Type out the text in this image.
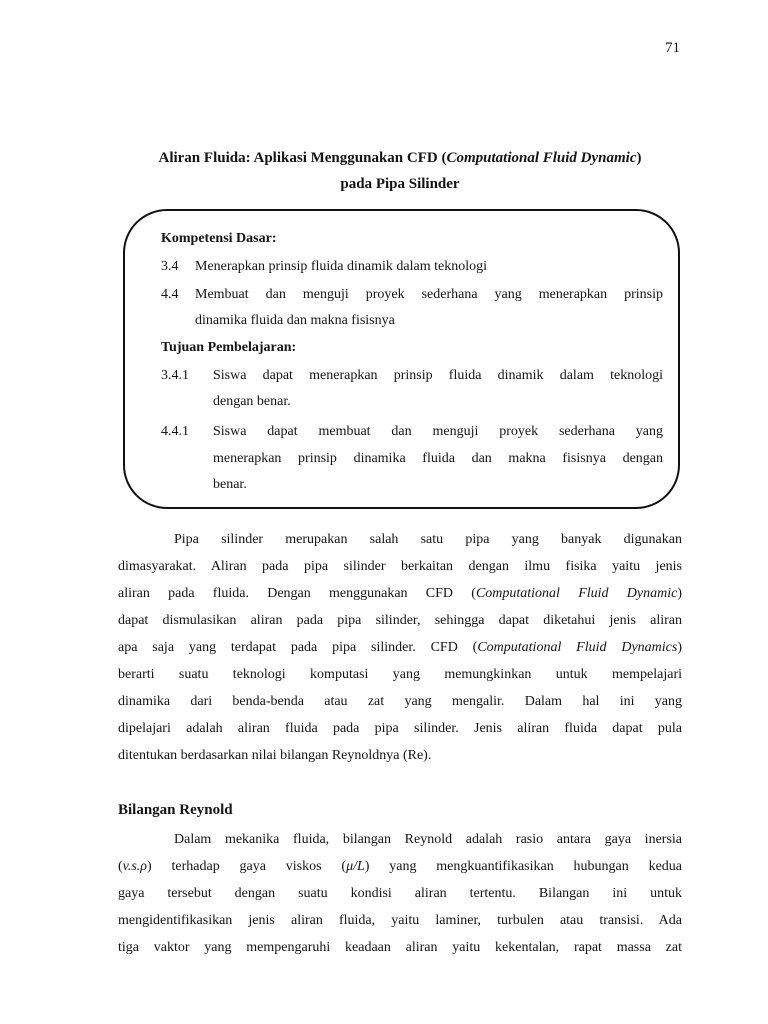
71
Aliran Fluida: Aplikasi Menggunakan CFD (Computational Fluid Dynamic)
pada Pipa Silinder
Kompetensi Dasar:
3.4 Menerapkan prinsip fluida dinamik dalam teknologi
4.4 Membuat dan menguji proyek sederhana yang menerapkan prinsip
dinamika fluida dan makna fisisnya
Tujuan Pembelajaran:
3.4.1 Siswa dapat menerapkan prinsip fluida dinamik dalam teknologi
dengan benar.
4.4.1 Siswa dapat membuat dan menguji proyek sederhana yang
menerapkan prinsip dinamika fluida dan makna fisisnya dengan
benar.
Pipa silinder merupakan salah satu pipa yang banyak digunakan
dimasyarakat. Aliran pada pipa silinder berkaitan dengan ilmu fisika yaitu jenis
aliran pada fluida. Dengan menggunakan CFD (Computational Fluid Dynamic)
dapat dismulasikan aliran pada pipa silinder, sehingga dapat diketahui jenis aliran
apa saja yang terdapat pada pipa silinder. CFD (Computational Fluid Dynamics)
berarti suatu teknologi komputasi yang memungkinkan untuk mempelajari
dinamika dari benda-benda atau zat yang mengalir. Dalam hal ini yang
dipelajari adalah aliran fluida pada pipa silinder. Jenis aliran fluida dapat pula
ditentukan berdasarkan nilai bilangan Reynoldnya (Re).
Bilangan Reynold
Dalam mekanika fluida, bilangan Reynold adalah rasio antara gaya inersia
(v.s.ρ) terhadap gaya viskos (μ/L) yang mengkuantifikasikan hubungan kedua
gaya tersebut dengan suatu kondisi aliran tertentu. Bilangan ini untuk
mengidentifikasikan jenis aliran fluida, yaitu laminer, turbulen atau transisi. Ada
tiga vaktor yang mempengaruhi keadaan aliran yaitu kekentalan, rapat massa zat
